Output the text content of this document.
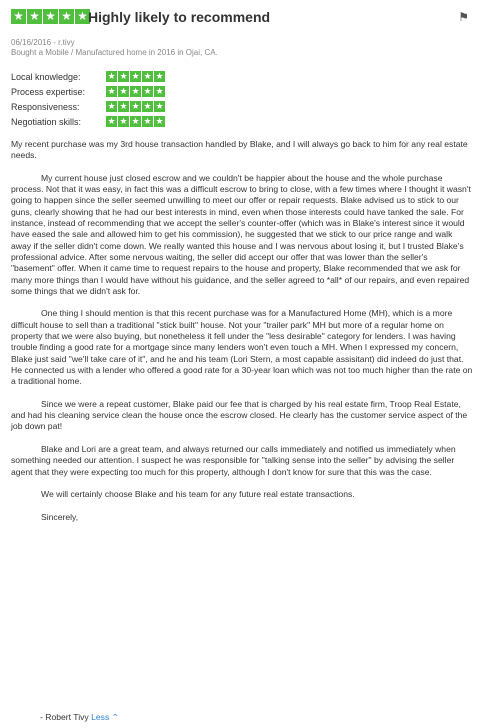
★ ★ ★ ★ ★ Highly likely to recommend	⚑
06/16/2016 - r.tivy
Bought a Mobile / Manufactured home in 2016 in Ojai, CA.
Local knowledge:	★ ★ ★ ★ ★
Process expertise:	★ ★ ★ ★ ★
Responsiveness:	★ ★ ★ ★ ★
Negotiation skills:	★ ★ ★ ★ ★

My recent purchase was my 3rd house transaction handled by Blake, and I will always go back to him for any real estate needs.

My current house just closed escrow and we couldn't be happier about the house and the whole purchase process. Not that it was easy, in fact this was a difficult escrow to bring to close, with a few times where I thought it wasn't going to happen since the seller seemed unwilling to meet our offer or repair requests. Blake advised us to stick to our guns, clearly showing that he had our best interests in mind, even when those interests could have tanked the sale. For instance, instead of recommending that we accept the seller's counter-offer (which was in Blake's interest since it would have eased the sale and allowed him to get his commission), he suggested that we stick to our price range and walk away if the seller didn't come down. We really wanted this house and I was nervous about losing it, but I trusted Blake's professional advice. After some nervous waiting, the seller did accept our offer that was lower than the seller's "basement" offer. When it came time to request repairs to the house and property, Blake recommended that we ask for many more things than I would have without his guidance, and the seller agreed to *all* of our repairs, and even repaired some things that we didn't ask for.

One thing I should mention is that this recent purchase was for a Manufactured Home (MH), which is a more difficult house to sell than a traditional "stick built" house. Not your "trailer park" MH but more of a regular home on property that we were also buying, but nonetheless it fell under the "less desirable" category for lenders. I was having trouble finding a good rate for a mortgage since many lenders won't even touch a MH. When I expressed my concern, Blake just said "we'll take care of it", and he and his team (Lori Stern, a most capable assisitant) did indeed do just that. He connected us with a lender who offered a good rate for a 30-year loan which was not too much higher than the rate on a traditional home.

Since we were a repeat customer, Blake paid our fee that is charged by his real estate firm, Troop Real Estate, and had his cleaning service clean the house once the escrow closed. He clearly has the customer service aspect of the job down pat!

Blake and Lori are a great team, and always returned our calls immediately and notified us immediately when something needed our attention. I suspect he was responsible for "talking sense into the seller" by advising the seller agent that they were expecting too much for this property, although I don't know for sure that this was the case.

We will certainly choose Blake and his team for any future real estate transactions.

Sincerely,

- Robert Tivy Less ⌃
